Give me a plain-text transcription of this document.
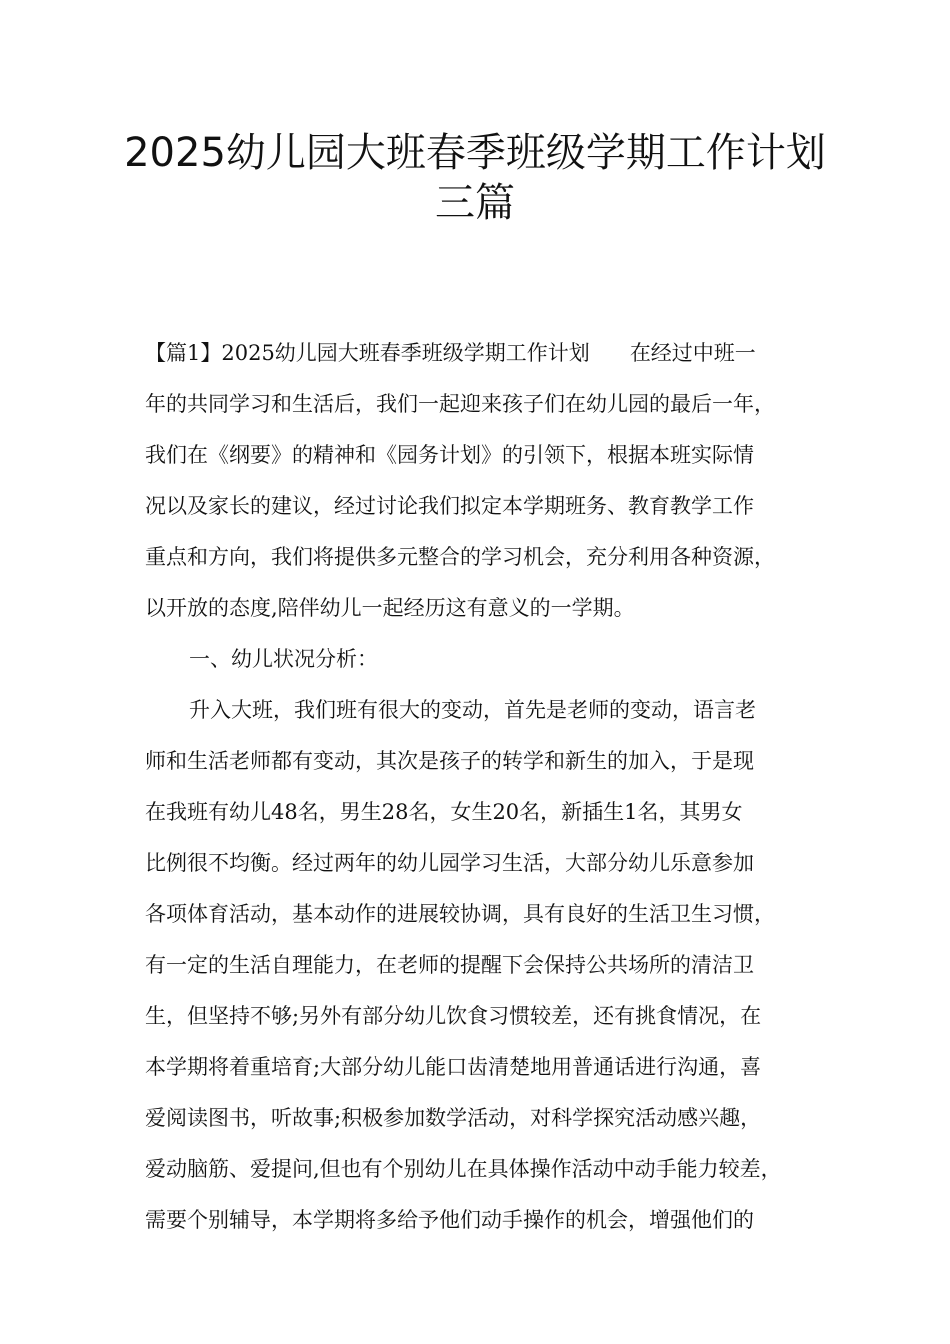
2025幼儿园大班春季班级学期工作计划
三篇

【篇1】2025幼儿园大班春季班级学期工作计划 在经过中班一
年的共同学习和生活后，我们一起迎来孩子们在幼儿园的最后一年，
我们在《纲要》的精神和《园务计划》的引领下，根据本班实际情
况以及家长的建议，经过讨论我们拟定本学期班务、教育教学工作
重点和方向，我们将提供多元整合的学习机会，充分利用各种资源，
以开放的态度,陪伴幼儿一起经历这有意义的一学期。

一、幼儿状况分析：

升入大班，我们班有很大的变动，首先是老师的变动，语言老
师和生活老师都有变动，其次是孩子的转学和新生的加入，于是现
在我班有幼儿48名，男生28名，女生20名，新插生1名，其男女
比例很不均衡。经过两年的幼儿园学习生活，大部分幼儿乐意参加
各项体育活动，基本动作的进展较协调，具有良好的生活卫生习惯，
有一定的生活自理能力，在老师的提醒下会保持公共场所的清洁卫
生，但坚持不够;另外有部分幼儿饮食习惯较差，还有挑食情况，在
本学期将着重培育;大部分幼儿能口齿清楚地用普通话进行沟通，喜
爱阅读图书，听故事;积极参加数学活动，对科学探究活动感兴趣，
爱动脑筋、爱提问,但也有个别幼儿在具体操作活动中动手能力较差，
需要个别辅导，本学期将多给予他们动手操作的机会，增强他们的
